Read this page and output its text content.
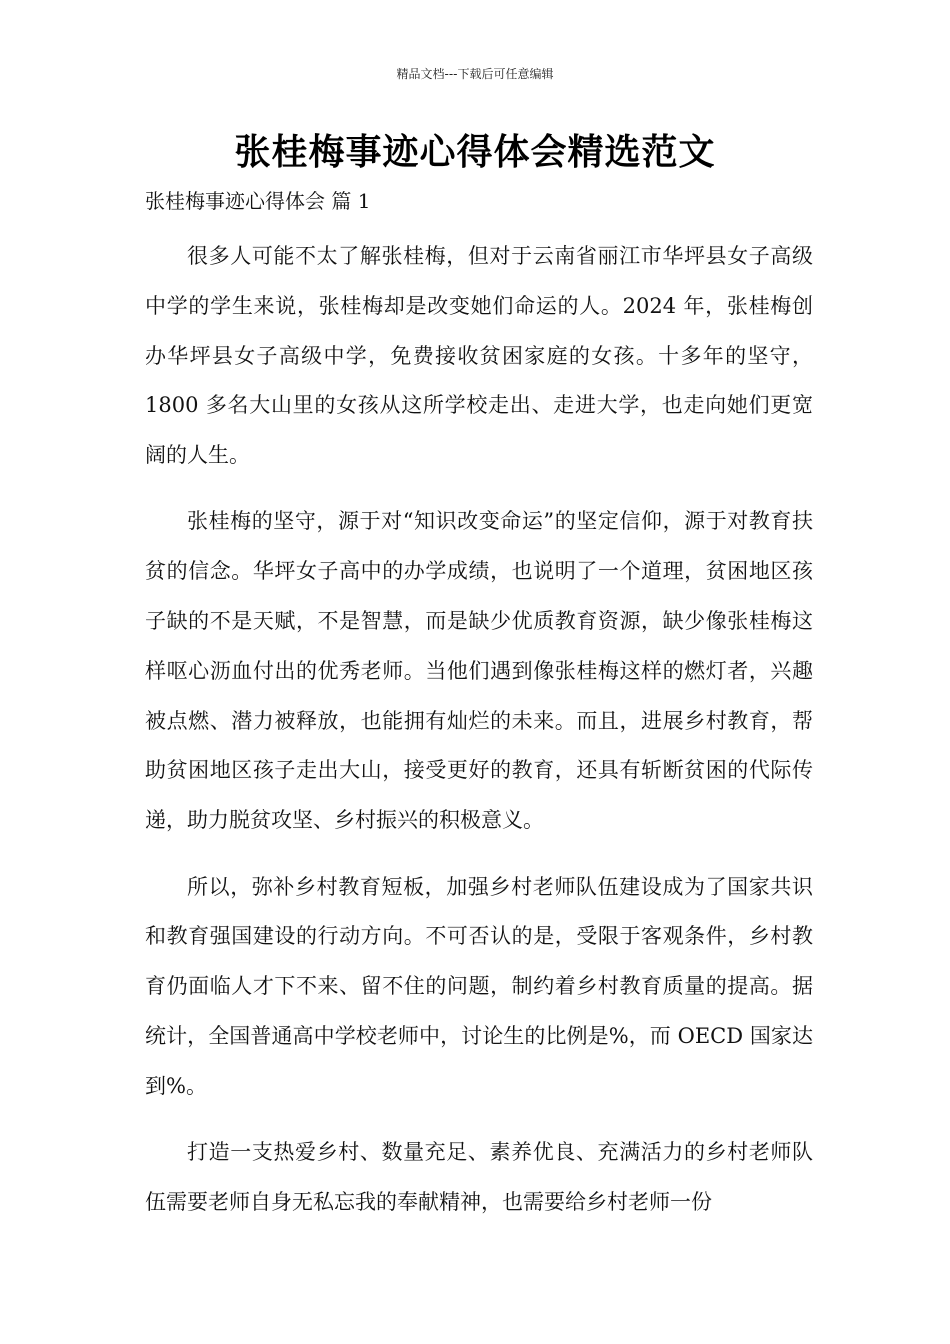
精品文档---下载后可任意编辑
张桂梅事迹心得体会精选范文
张桂梅事迹心得体会 篇 1

很多人可能不太了解张桂梅，但对于云南省丽江市华坪县女子高级中学的学生来说，张桂梅却是改变她们命运的人。2024 年，张桂梅创办华坪县女子高级中学，免费接收贫困家庭的女孩。十多年的坚守，1800 多名大山里的女孩从这所学校走出、走进大学，也走向她们更宽阔的人生。

张桂梅的坚守，源于对“知识改变命运”的坚定信仰，源于对教育扶贫的信念。华坪女子高中的办学成绩，也说明了一个道理，贫困地区孩子缺的不是天赋，不是智慧，而是缺少优质教育资源，缺少像张桂梅这样呕心沥血付出的优秀老师。当他们遇到像张桂梅这样的燃灯者，兴趣被点燃、潜力被释放，也能拥有灿烂的未来。而且，进展乡村教育，帮助贫困地区孩子走出大山，接受更好的教育，还具有斩断贫困的代际传递，助力脱贫攻坚、乡村振兴的积极意义。

所以，弥补乡村教育短板，加强乡村老师队伍建设成为了国家共识和教育强国建设的行动方向。不可否认的是，受限于客观条件，乡村教育仍面临人才下不来、留不住的问题，制约着乡村教育质量的提高。据统计，全国普通高中学校老师中，讨论生的比例是%，而 OECD 国家达到%。

打造一支热爱乡村、数量充足、素养优良、充满活力的乡村老师队伍需要老师自身无私忘我的奉献精神，也需要给乡村老师一份
